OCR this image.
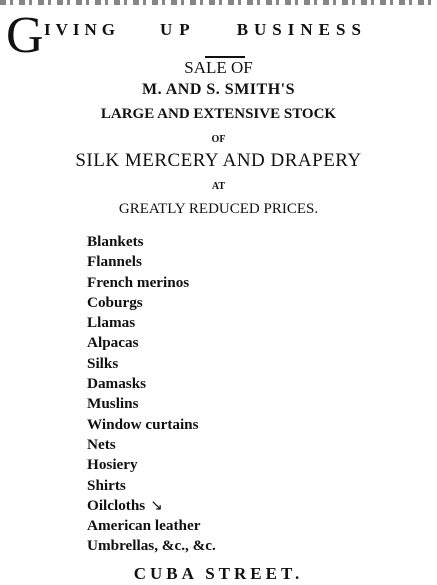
G IVING UP BUSINESS
SALE OF
M. AND S. SMITH'S
LARGE AND EXTENSIVE STOCK
OF
SILK MERCERY AND DRAPERY
AT
GREATLY REDUCED PRICES.
Blankets
Flannels
French merinos
Coburgs
Llamas
Alpacas
Silks
Damasks
Muslins
Window curtains
Nets
Hosiery
Shirts
Oilcloths ↘
American leather
Umbrellas, &c., &c.
CUBA STREET.
